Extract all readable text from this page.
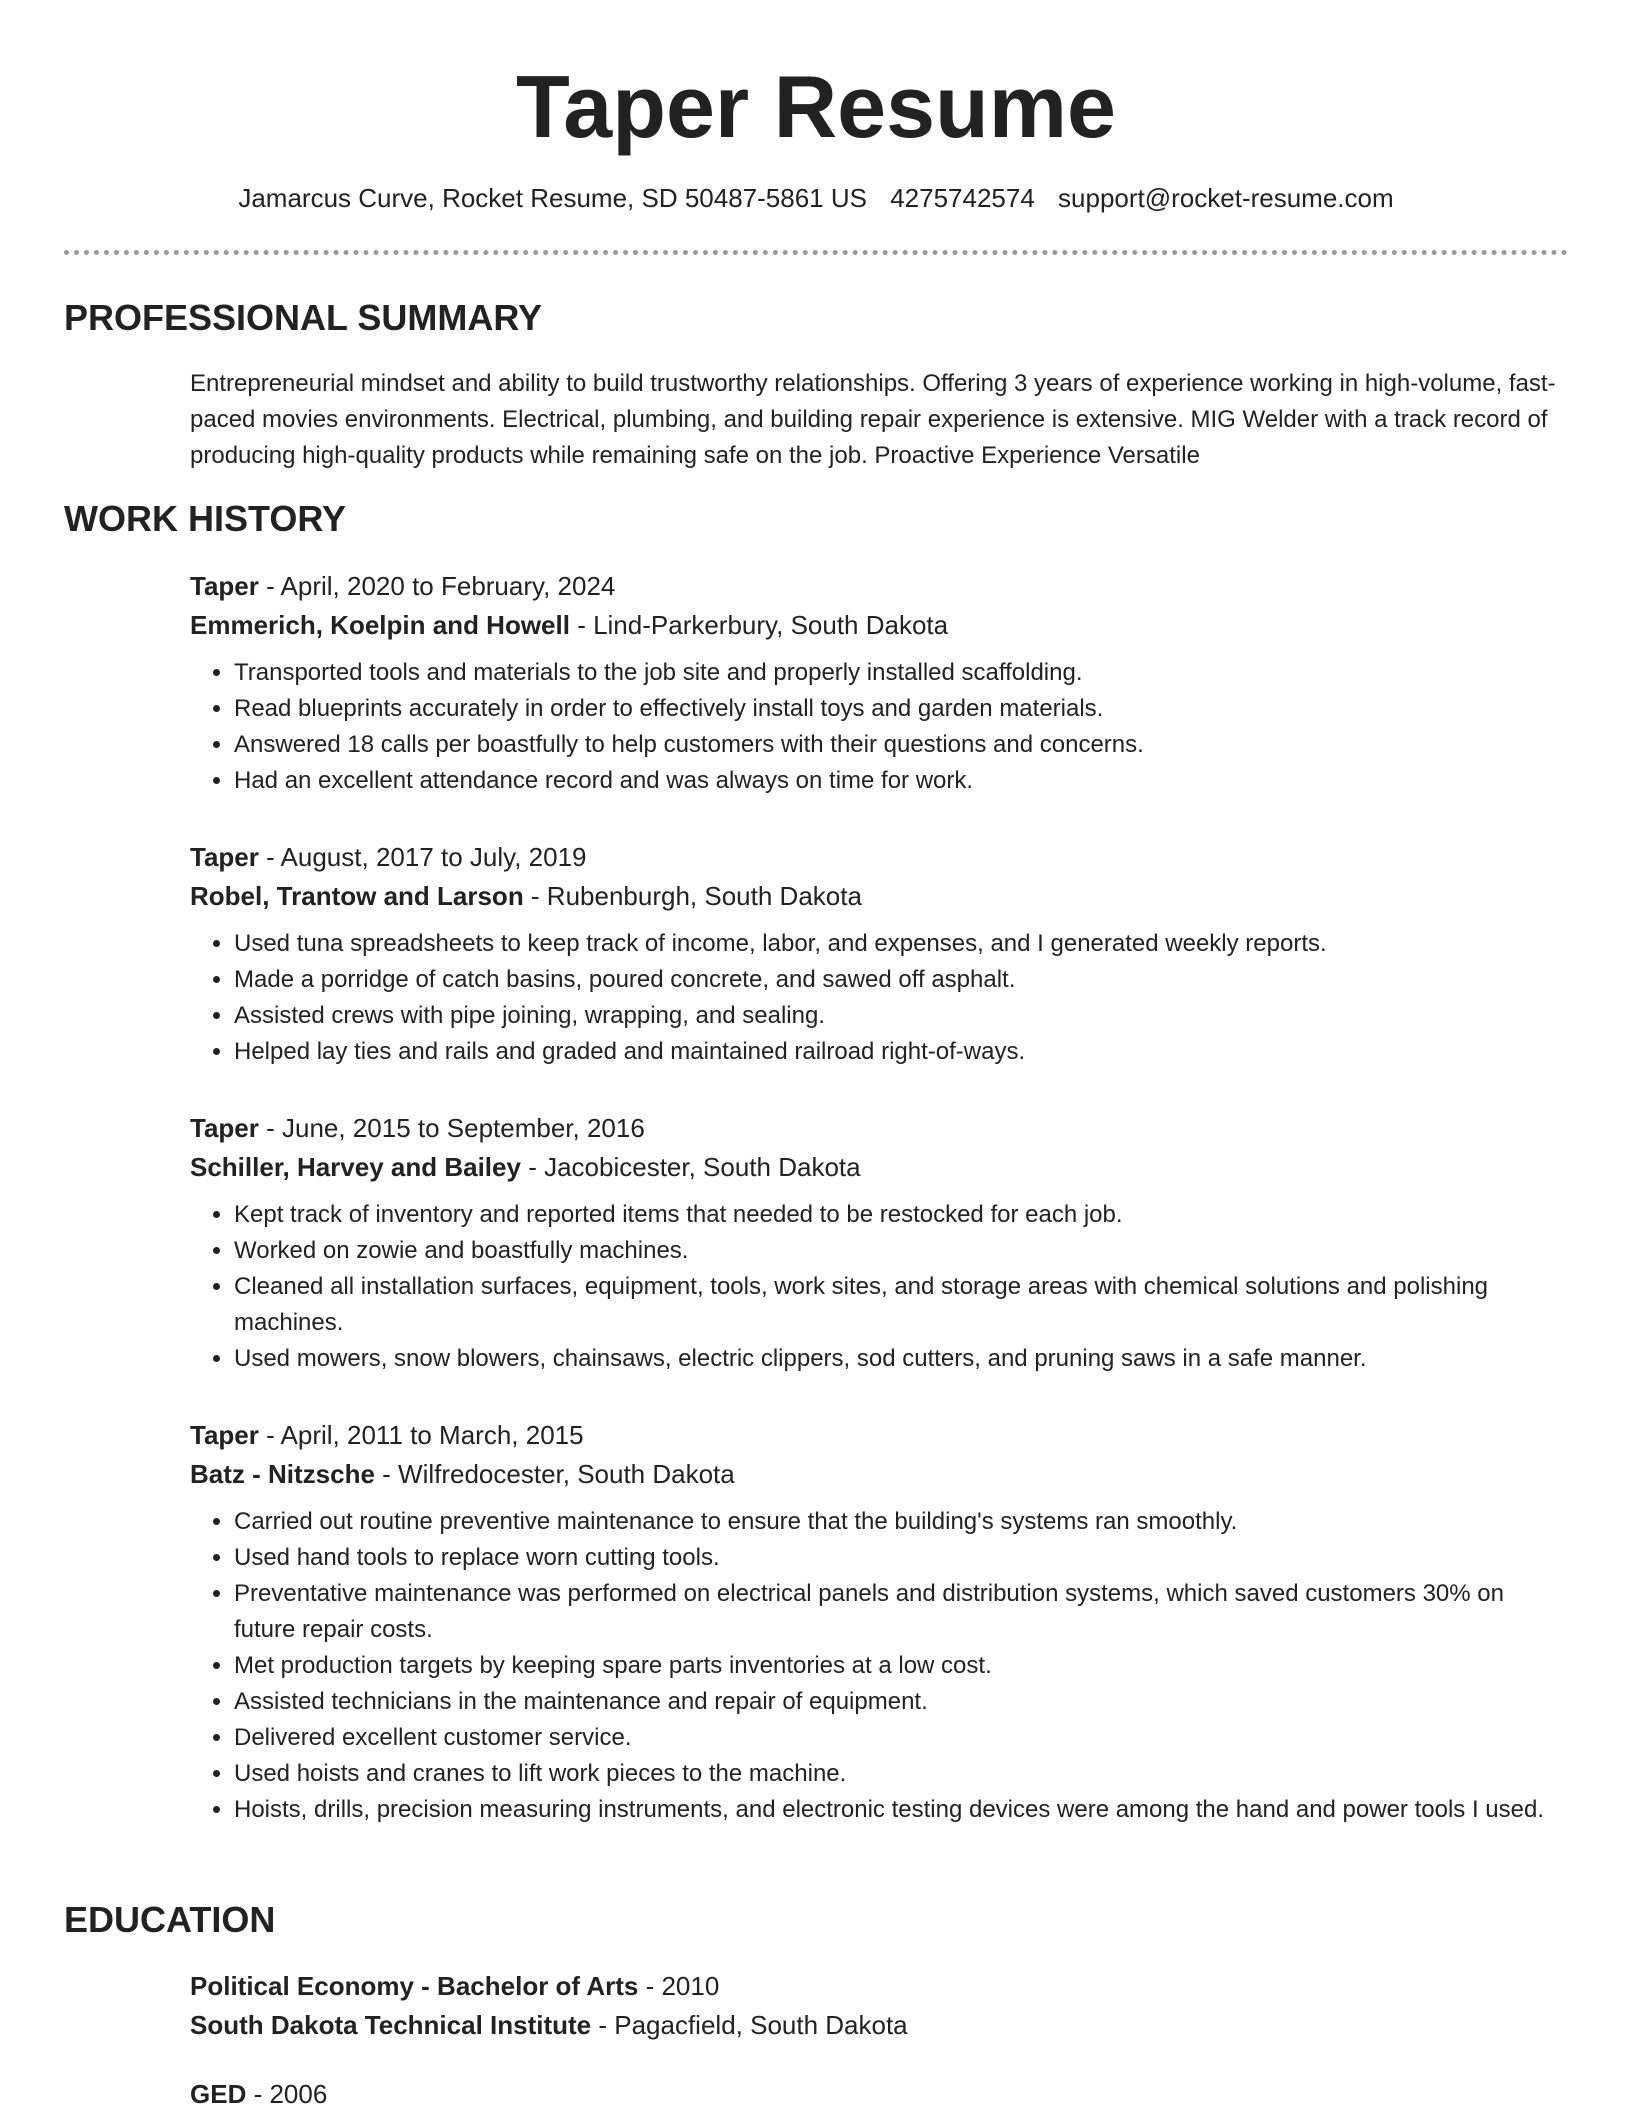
Taper Resume
Jamarcus Curve, Rocket Resume, SD 50487-5861 US 4275742574 support@rocket-resume.com
PROFESSIONAL SUMMARY

Entrepreneurial mindset and ability to build trustworthy relationships. Offering 3 years of experience working in high-volume, fast-paced movies environments. Electrical, plumbing, and building repair experience is extensive. MIG Welder with a track record of producing high-quality products while remaining safe on the job. Proactive Experience Versatile

WORK HISTORY

Taper - April, 2020 to February, 2024

Emmerich, Koelpin and Howell - Lind-Parkerbury, South Dakota

• Transported tools and materials to the job site and properly installed scaffolding.
• Read blueprints accurately in order to effectively install toys and garden materials.
• Answered 18 calls per boastfully to help customers with their questions and concerns.
• Had an excellent attendance record and was always on time for work.

Taper - August, 2017 to July, 2019

Robel, Trantow and Larson - Rubenburgh, South Dakota

• Used tuna spreadsheets to keep track of income, labor, and expenses, and I generated weekly reports.
• Made a porridge of catch basins, poured concrete, and sawed off asphalt.
• Assisted crews with pipe joining, wrapping, and sealing.
• Helped lay ties and rails and graded and maintained railroad right-of-ways.

Taper - June, 2015 to September, 2016

Schiller, Harvey and Bailey - Jacobicester, South Dakota

• Kept track of inventory and reported items that needed to be restocked for each job.
• Worked on zowie and boastfully machines.
• Cleaned all installation surfaces, equipment, tools, work sites, and storage areas with chemical solutions and polishing machines.
• Used mowers, snow blowers, chainsaws, electric clippers, sod cutters, and pruning saws in a safe manner.

Taper - April, 2011 to March, 2015

Batz - Nitzsche - Wilfredocester, South Dakota

• Carried out routine preventive maintenance to ensure that the building's systems ran smoothly.
• Used hand tools to replace worn cutting tools.
• Preventative maintenance was performed on electrical panels and distribution systems, which saved customers 30% on future repair costs.
• Met production targets by keeping spare parts inventories at a low cost.
• Assisted technicians in the maintenance and repair of equipment.
• Delivered excellent customer service.
• Used hoists and cranes to lift work pieces to the machine.
• Hoists, drills, precision measuring instruments, and electronic testing devices were among the hand and power tools I used.
EDUCATION

Political Economy - Bachelor of Arts - 2010

South Dakota Technical Institute - Pagacfield, South Dakota

GED - 2006
